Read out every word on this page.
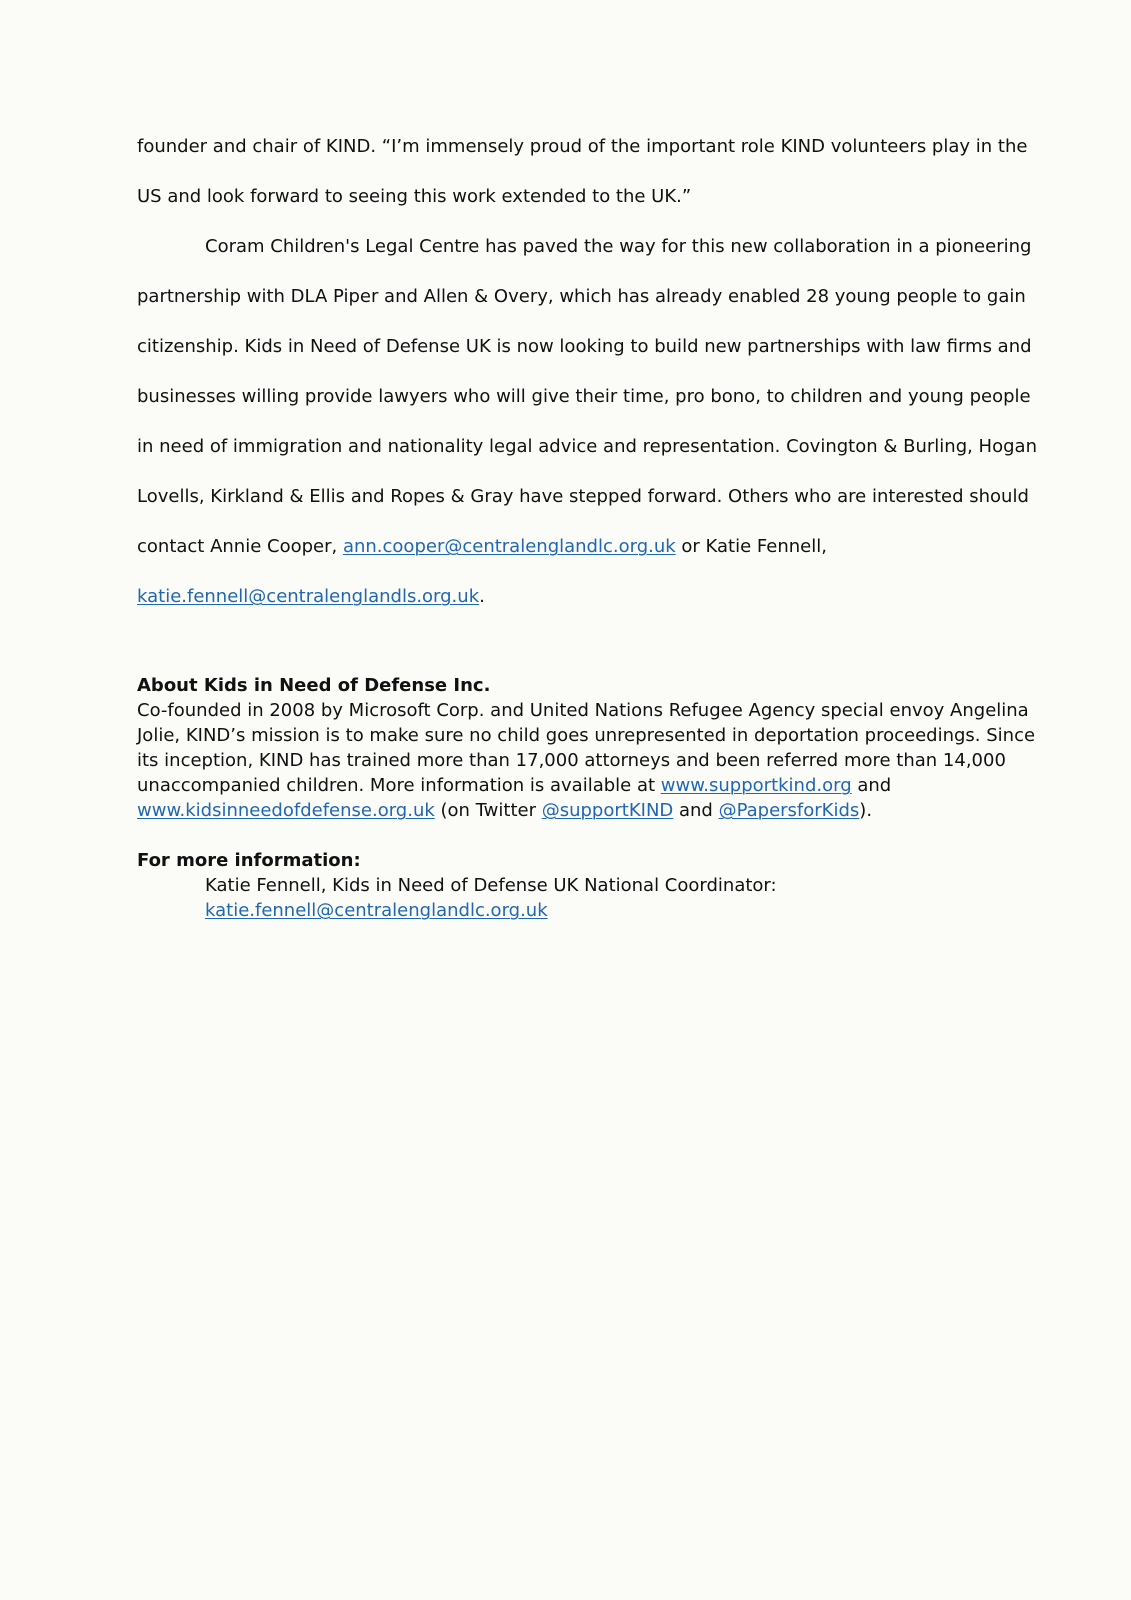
founder and chair of KIND. “I’m immensely proud of the important role KIND volunteers play in the
US and look forward to seeing this work extended to the UK.”
Coram Children's Legal Centre has paved the way for this new collaboration in a pioneering
partnership with DLA Piper and Allen & Overy, which has already enabled 28 young people to gain
citizenship. Kids in Need of Defense UK is now looking to build new partnerships with law firms and
businesses willing provide lawyers who will give their time, pro bono, to children and young people
in need of immigration and nationality legal advice and representation. Covington & Burling, Hogan
Lovells, Kirkland & Ellis and Ropes & Gray have stepped forward. Others who are interested should
contact Annie Cooper, ann.cooper@centralenglandlc.org.uk or Katie Fennell,
katie.fennell@centralenglandls.org.uk.
About Kids in Need of Defense Inc.
Co-founded in 2008 by Microsoft Corp. and United Nations Refugee Agency special envoy Angelina
Jolie, KIND’s mission is to make sure no child goes unrepresented in deportation proceedings. Since
its inception, KIND has trained more than 17,000 attorneys and been referred more than 14,000
unaccompanied children. More information is available at www.supportkind.org and
www.kidsinneedofdefense.org.uk (on Twitter @supportKIND and @PapersforKids).
For more information:
Katie Fennell, Kids in Need of Defense UK National Coordinator:
katie.fennell@centralenglandlc.org.uk
